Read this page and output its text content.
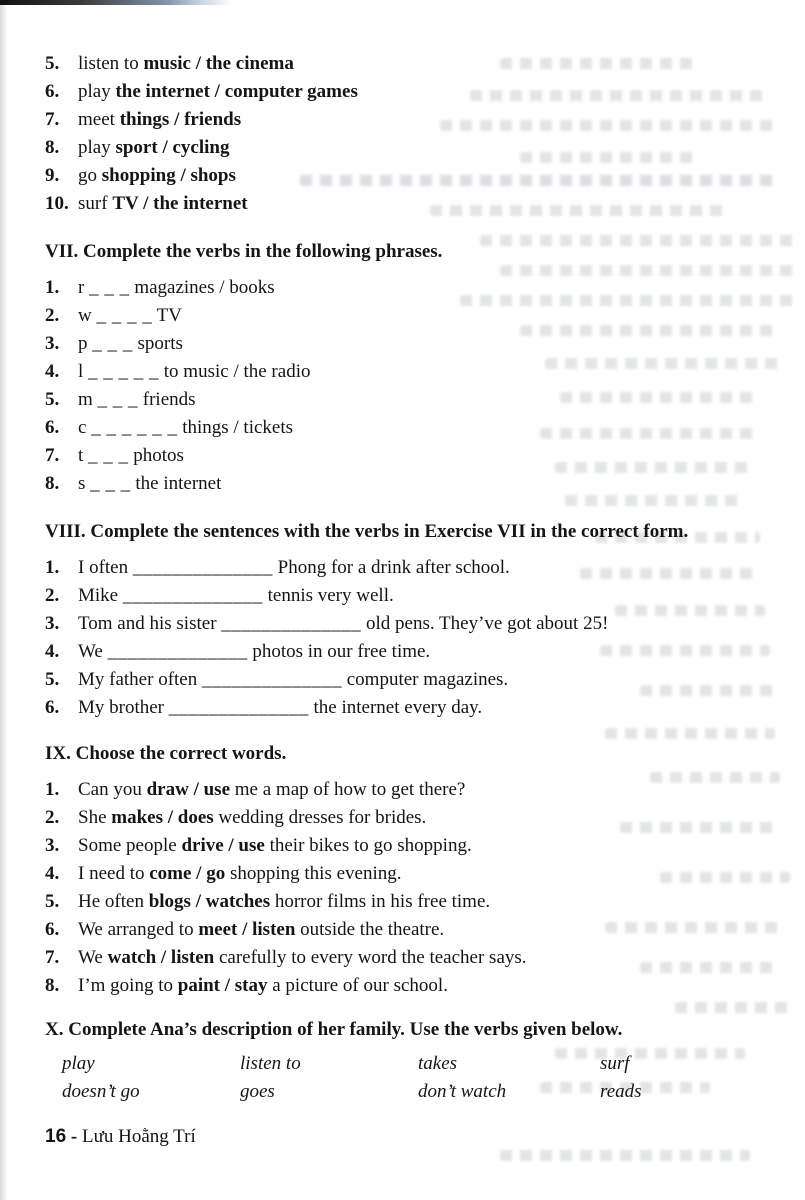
5. listen to music / the cinema
6. play the internet / computer games
7. meet things / friends
8. play sport / cycling
9. go shopping / shops
10. surf TV / the internet
VII. Complete the verbs in the following phrases.
1. r _ _ _ magazines / books
2. w _ _ _ _ TV
3. p _ _ _ sports
4. l _ _ _ _ _ to music / the radio
5. m _ _ _ friends
6. c _ _ _ _ _ _ things / tickets
7. t _ _ _ photos
8. s _ _ _ the internet
VIII. Complete the sentences with the verbs in Exercise VII in the correct form.
1. I often ______________ Phong for a drink after school.
2. Mike ______________ tennis very well.
3. Tom and his sister ______________ old pens. They’ve got about 25!
4. We ______________ photos in our free time.
5. My father often ______________ computer magazines.
6. My brother ______________ the internet every day.
IX. Choose the correct words.
1. Can you draw / use me a map of how to get there?
2. She makes / does wedding dresses for brides.
3. Some people drive / use their bikes to go shopping.
4. I need to come / go shopping this evening.
5. He often blogs / watches horror films in his free time.
6. We arranged to meet / listen outside the theatre.
7. We watch / listen carefully to every word the teacher says.
8. I’m going to paint / stay a picture of our school.
X. Complete Ana’s description of her family. Use the verbs given below.
play	listen to	takes	surf
doesn’t go	goes	don’t watch	reads
16 - Lưu Hoằng Trí
